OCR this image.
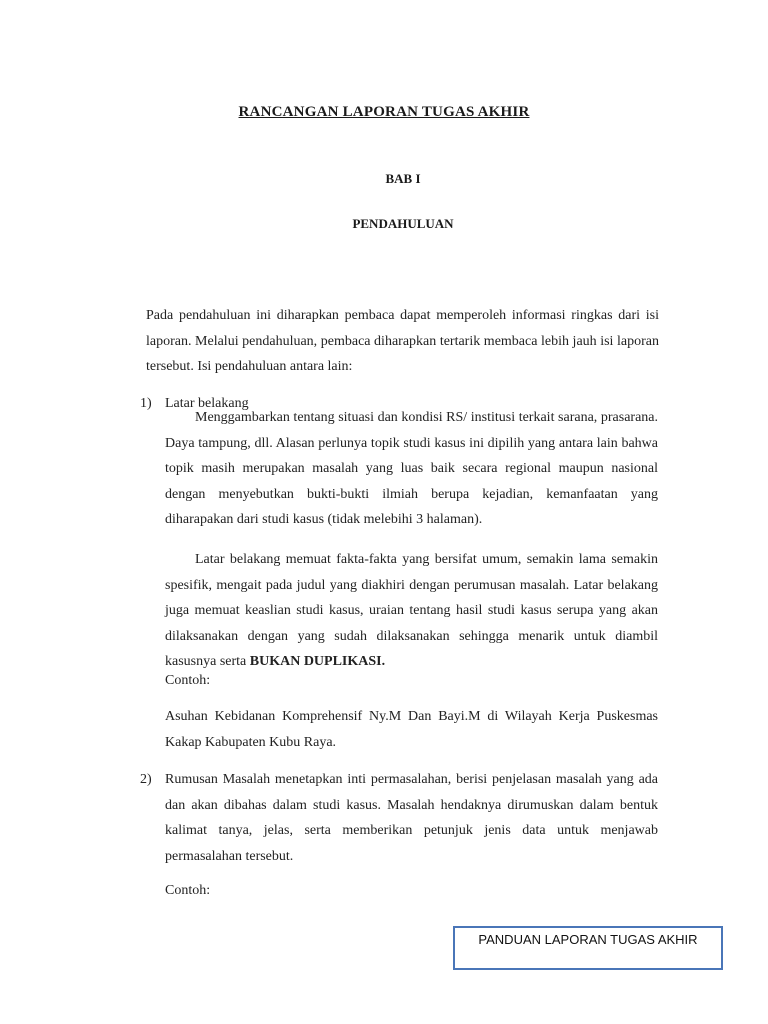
RANCANGAN LAPORAN TUGAS AKHIR
BAB I
PENDAHULUAN
Pada pendahuluan ini diharapkan pembaca dapat memperoleh informasi ringkas dari isi laporan. Melalui pendahuluan, pembaca diharapkan tertarik membaca lebih jauh isi laporan tersebut. Isi pendahuluan antara lain:
1) Latar belakang
Menggambarkan tentang situasi dan kondisi RS/ institusi terkait sarana, prasarana. Daya tampung, dll. Alasan perlunya topik studi kasus ini dipilih yang antara lain bahwa topik masih merupakan masalah yang luas baik secara regional maupun nasional dengan menyebutkan bukti-bukti ilmiah berupa kejadian, kemanfaatan yang diharapakan dari studi kasus (tidak melebihi 3 halaman).
Latar belakang memuat fakta-fakta yang bersifat umum, semakin lama semakin spesifik, mengait pada judul yang diakhiri dengan perumusan masalah. Latar belakang juga memuat keaslian studi kasus, uraian tentang hasil studi kasus serupa yang akan dilaksanakan dengan yang sudah dilaksanakan sehingga menarik untuk diambil kasusnya serta BUKAN DUPLIKASI.
Contoh:
Asuhan Kebidanan Komprehensif Ny.M Dan Bayi.M di Wilayah Kerja Puskesmas Kakap Kabupaten Kubu Raya.
2) Rumusan Masalah menetapkan inti permasalahan, berisi penjelasan masalah yang ada dan akan dibahas dalam studi kasus. Masalah hendaknya dirumuskan dalam bentuk kalimat tanya, jelas, serta memberikan petunjuk jenis data untuk menjawab permasalahan tersebut.
Contoh:
PANDUAN LAPORAN TUGAS AKHIR
